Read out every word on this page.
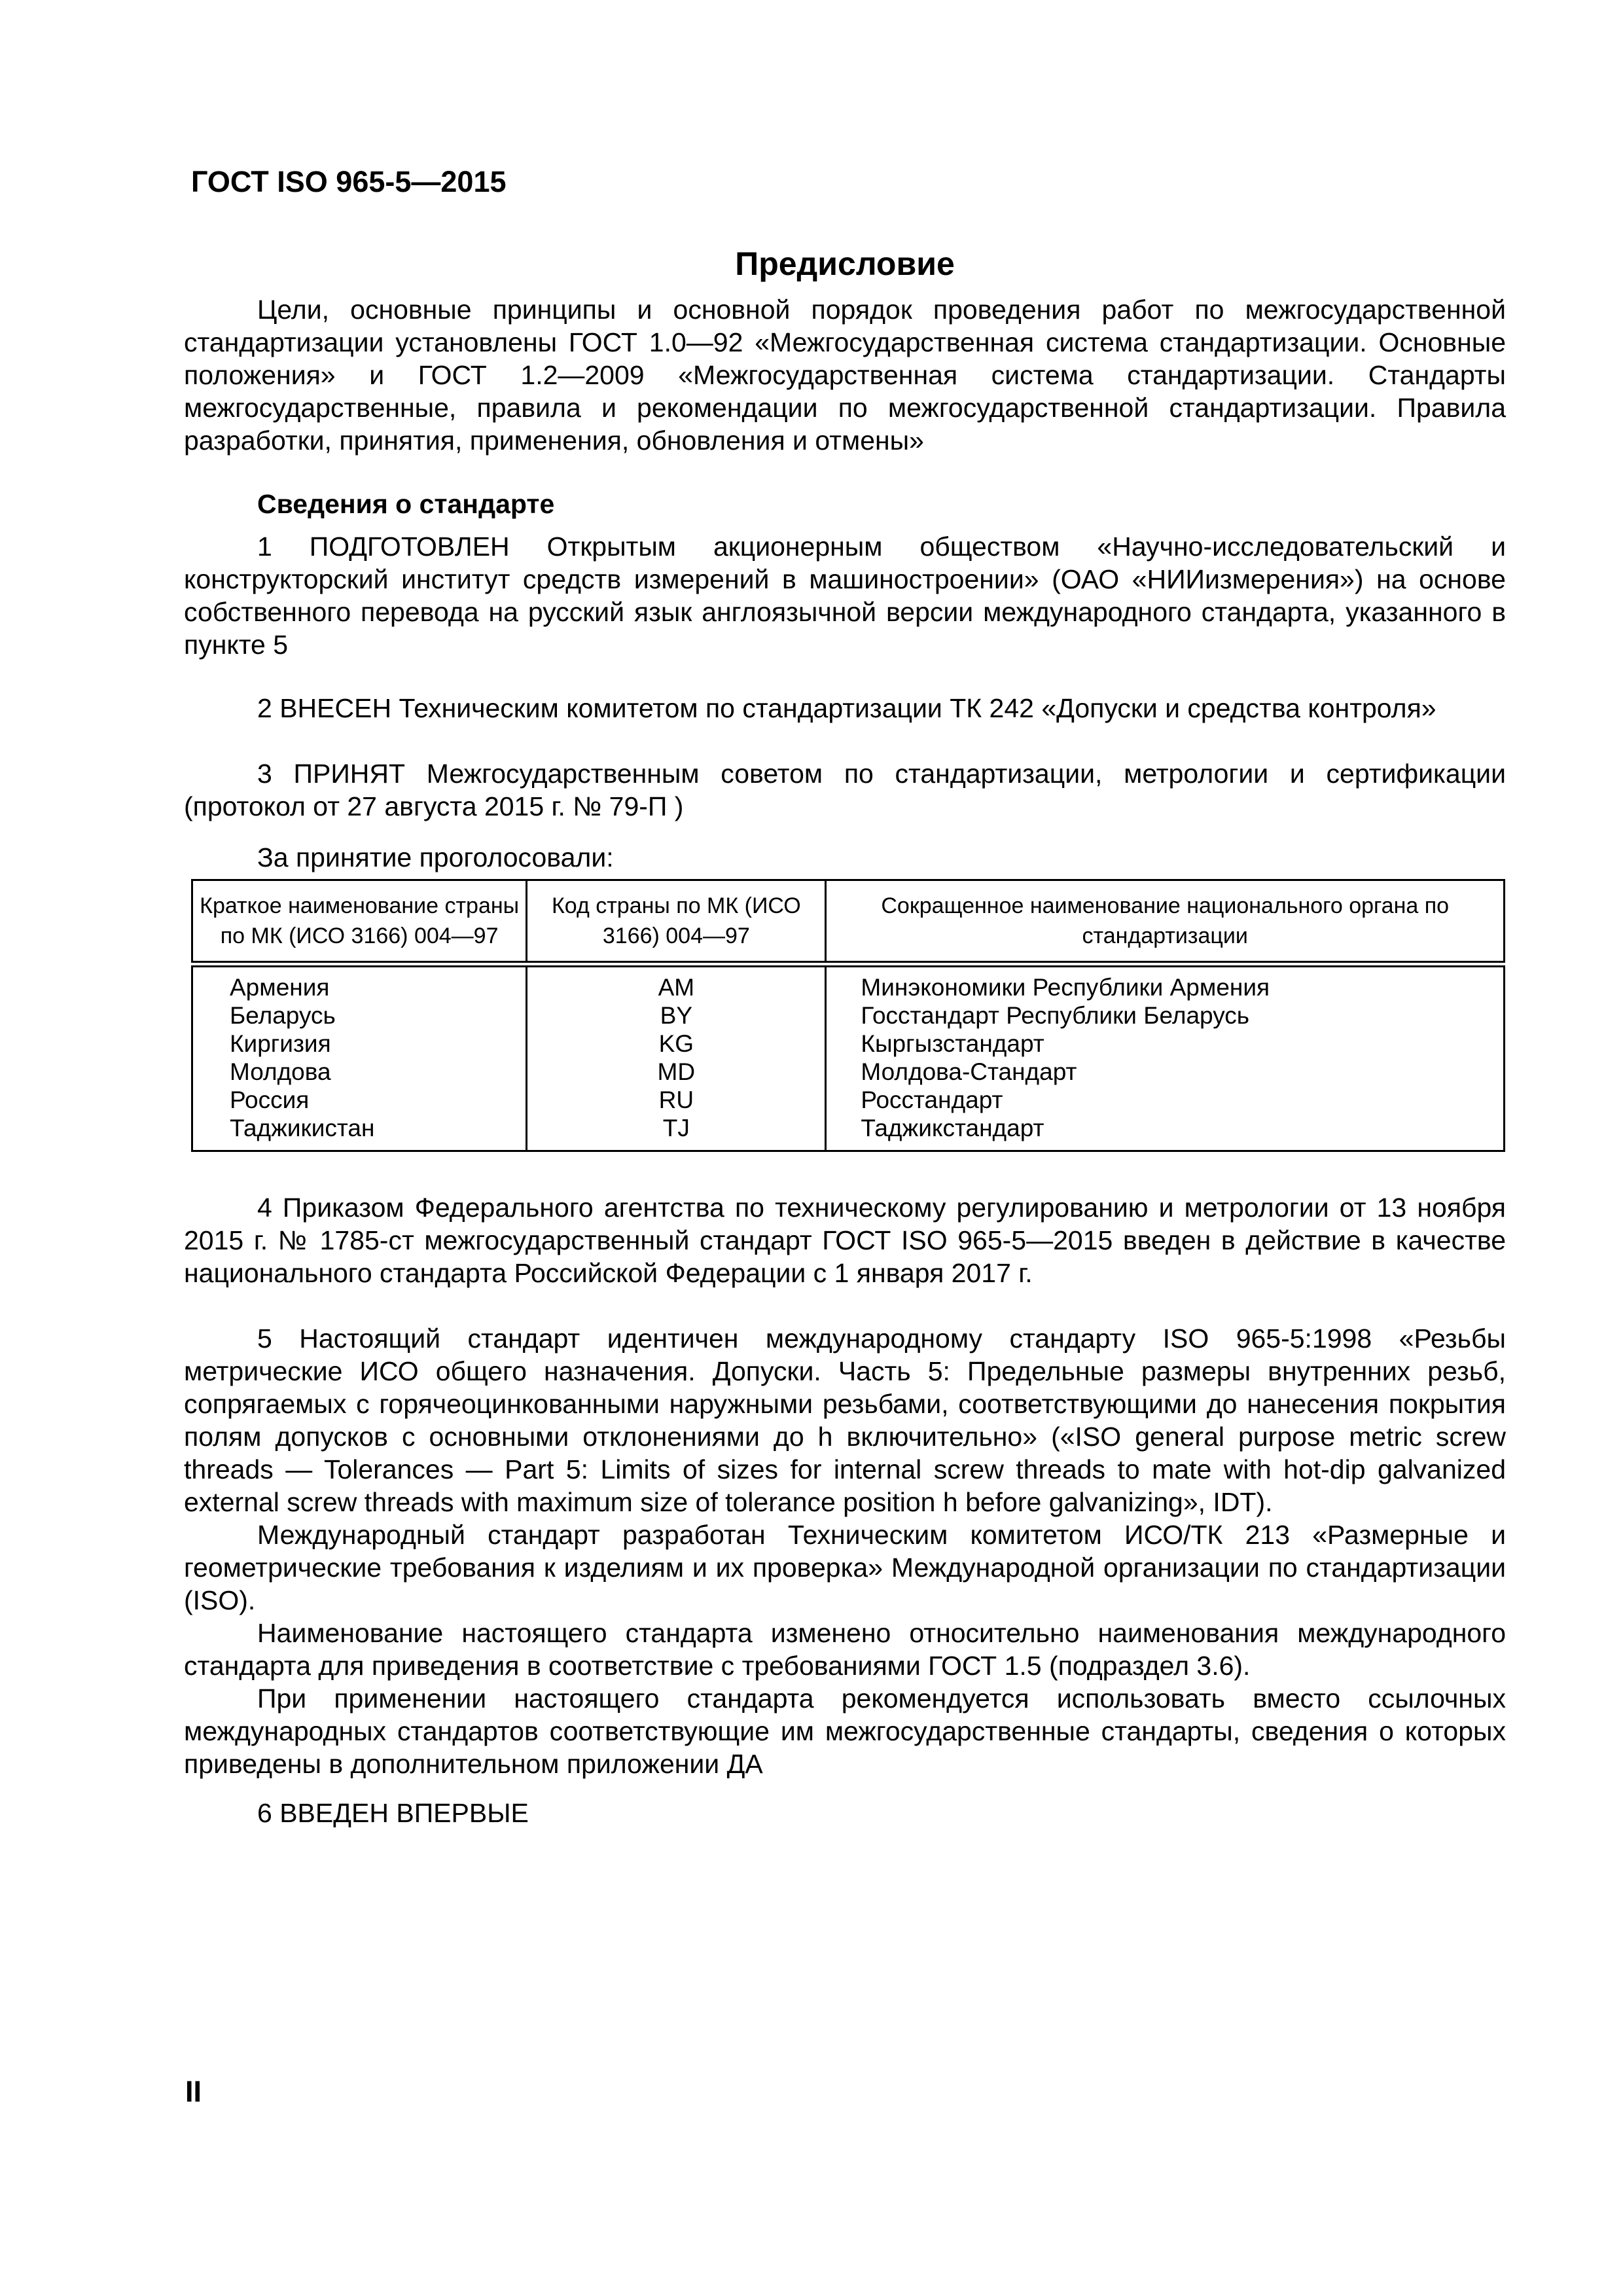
ГОСТ ISO 965-5—2015
Предисловие

Цели, основные принципы и основной порядок проведения работ по межгосударственной стандартизации установлены ГОСТ 1.0—92 «Межгосударственная система стандартизации. Основные положения» и ГОСТ 1.2—2009 «Межгосударственная система стандартизации. Стандарты межгосударственные, правила и рекомендации по межгосударственной стандартизации. Правила разработки, принятия, применения, обновления и отмены»

Сведения о стандарте

1 ПОДГОТОВЛЕН Открытым акционерным обществом «Научно-исследовательский и конструкторский институт средств измерений в машиностроении» (ОАО «НИИизмерения») на основе собственного перевода на русский язык англоязычной версии международного стандарта, указанного в пункте 5

2 ВНЕСЕН Техническим комитетом по стандартизации ТК 242 «Допуски и средства контроля»

3 ПРИНЯТ Межгосударственным советом по стандартизации, метрологии и сертификации (протокол от 27 августа 2015 г. № 79-П )

За принятие проголосовали:

Краткое наименование страны по МК (ИСО 3166) 004—97	Код страны по МК (ИСО 3166) 004—97	Сокращенное наименование национального органа по стандартизации
Армения	AM	Минэкономики Республики Армения
Беларусь	BY	Госстандарт Республики Беларусь
Киргизия	KG	Кыргызстандарт
Молдова	MD	Молдова-Стандарт
Россия	RU	Росстандарт
Таджикистан	TJ	Таджикстандарт

4 Приказом Федерального агентства по техническому регулированию и метрологии от 13 ноября 2015 г. № 1785-ст межгосударственный стандарт ГОСТ ISO 965-5—2015 введен в действие в качестве национального стандарта Российской Федерации с 1 января 2017 г.

5 Настоящий стандарт идентичен международному стандарту ISO 965-5:1998 «Резьбы метрические ИСО общего назначения. Допуски. Часть 5: Предельные размеры внутренних резьб, сопрягаемых с горячеоцинкованными наружными резьбами, соответствующими до нанесения покрытия полям допусков с основными отклонениями до h включительно» («ISO general purpose metric screw threads — Tolerances — Part 5: Limits of sizes for internal screw threads to mate with hot-dip galvanized external screw threads with maximum size of tolerance position h before galvanizing», IDT).

Международный стандарт разработан Техническим комитетом ИСО/ТК 213 «Размерные и геометрические требования к изделиям и их проверка» Международной организации по стандартизации (ISO).

Наименование настоящего стандарта изменено относительно наименования международного стандарта для приведения в соответствие с требованиями ГОСТ 1.5 (подраздел 3.6).

При применении настоящего стандарта рекомендуется использовать вместо ссылочных международных стандартов соответствующие им межгосударственные стандарты, сведения о которых приведены в дополнительном приложении ДА

6 ВВЕДЕН ВПЕРВЫЕ

II
